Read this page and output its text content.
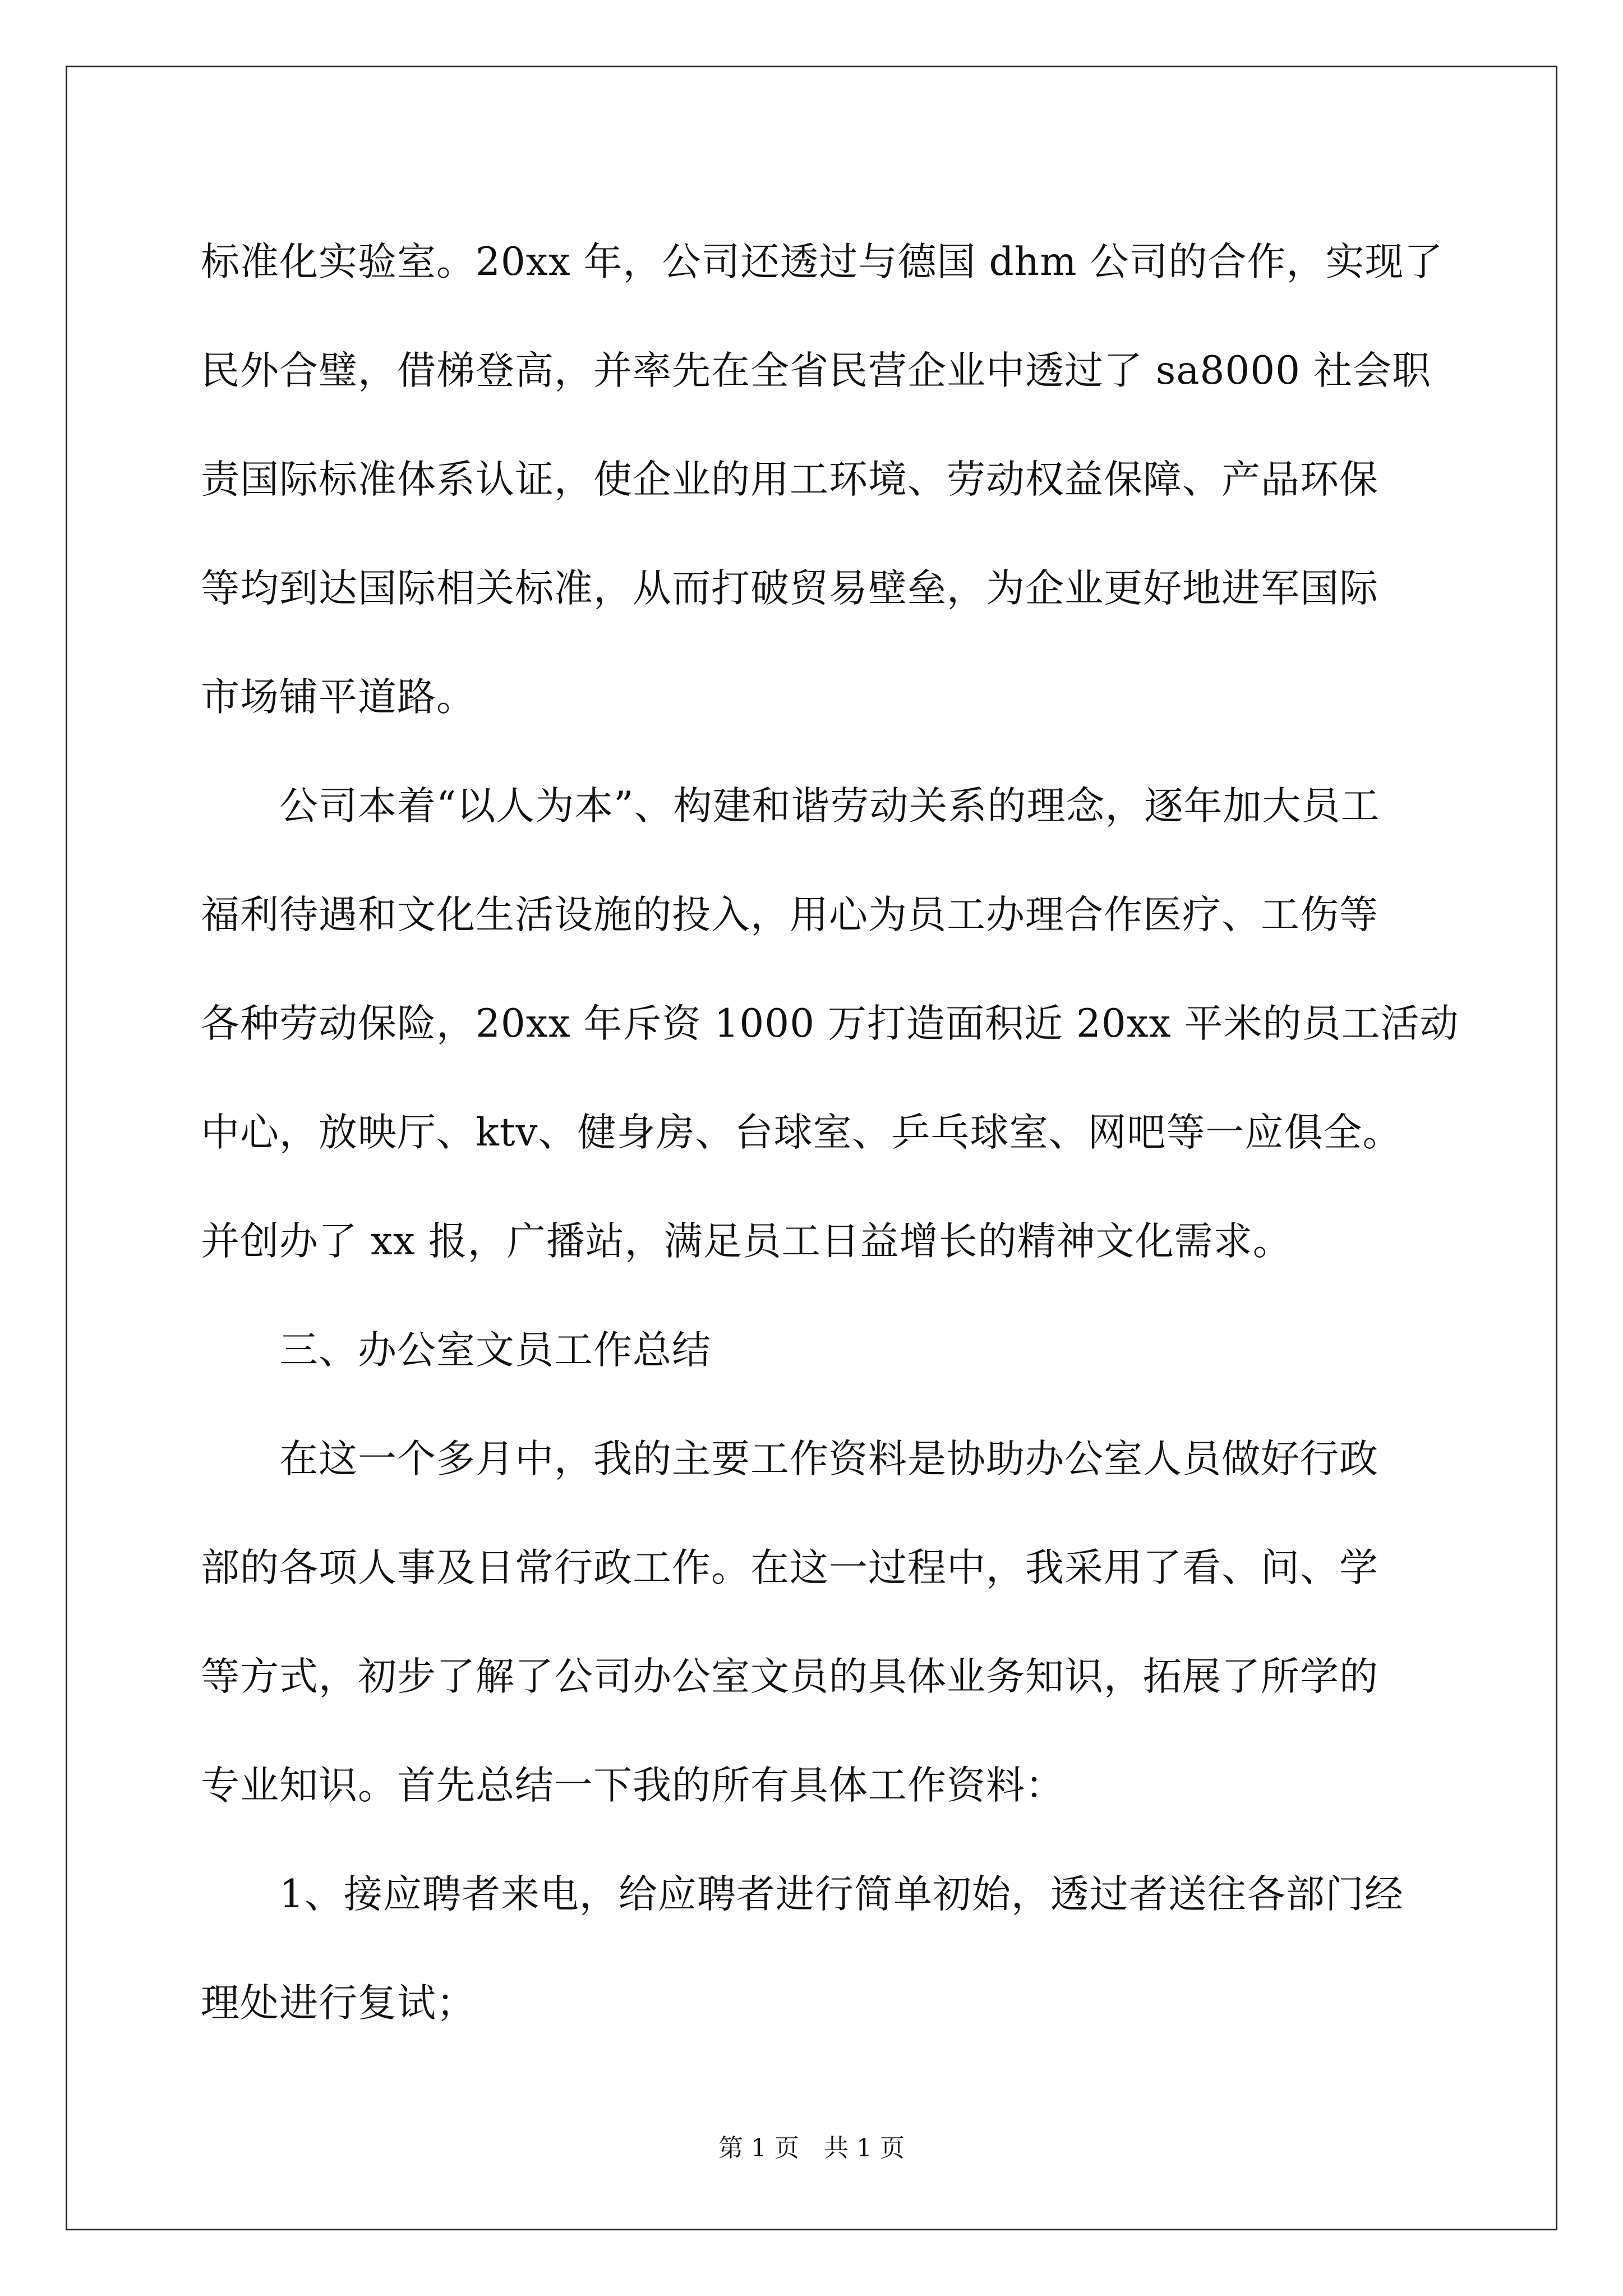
标准化实验室。20xx 年，公司还透过与德国 dhm 公司的合作，实现了
民外合璧，借梯登高，并率先在全省民营企业中透过了 sa8000 社会职
责国际标准体系认证，使企业的用工环境、劳动权益保障、产品环保
等均到达国际相关标准，从而打破贸易壁垒，为企业更好地进军国际
市场铺平道路。
　　公司本着“以人为本”、构建和谐劳动关系的理念，逐年加大员工
福利待遇和文化生活设施的投入，用心为员工办理合作医疗、工伤等
各种劳动保险，20xx 年斥资 1000 万打造面积近 20xx 平米的员工活动
中心，放映厅、ktv、健身房、台球室、乒乓球室、网吧等一应俱全。
并创办了 xx 报，广播站，满足员工日益增长的精神文化需求。
　　三、办公室文员工作总结
　　在这一个多月中，我的主要工作资料是协助办公室人员做好行政
部的各项人事及日常行政工作。在这一过程中，我采用了看、问、学
等方式，初步了解了公司办公室文员的具体业务知识，拓展了所学的
专业知识。首先总结一下我的所有具体工作资料：
　　1、接应聘者来电，给应聘者进行简单初始，透过者送往各部门经
理处进行复试；
第 1 页　共 1 页
